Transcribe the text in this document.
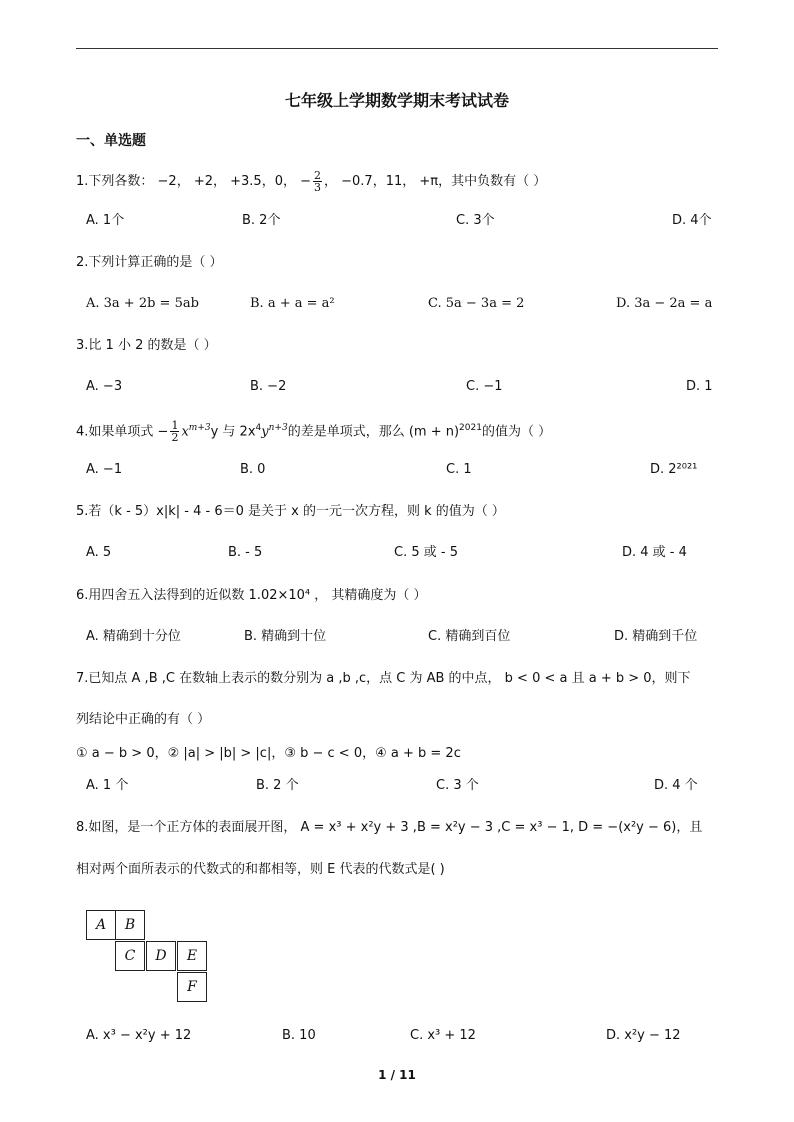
七年级上学期数学期末考试试卷
一、单选题
1.下列各数： −2， +2， +3.5，0， − $\frac{2}{3}$ ， −0.7，11， +π，其中负数有（ ）
A. 1个	B. 2个	C. 3个	D. 4个
2.下列计算正确的是（ ）
A. 3a + 2b = 5ab	B. a + a = a²	C. 5a − 3a = 2	D. 3a − 2a = a
3.比 1 小 2 的数是（ ）
A. −3	B. −2	C. −1	D. 1
4.如果单项式 − $\frac{1}{2} x^{m+3}y$ 与 $2x^4y^{n+3}$的差是单项式，那么 $(m + n)^{2021}$的值为（ ）
A. −1	B. 0	C. 1	D. 2²⁰²¹
5.若（k - 5）x|k| - 4 - 6＝0 是关于 x 的一元一次方程，则 k 的值为（ ）
A. 5	B. - 5	C. 5 或 - 5	D. 4 或 - 4
6.用四舍五入法得到的近似数 1.02×10⁴ ， 其精确度为（ ）
A. 精确到十分位	B. 精确到十位	C. 精确到百位	D. 精确到千位
7.已知点 A ,B ,C 在数轴上表示的数分别为 a ,b ,c，点 C 为 AB 的中点， b < 0 < a 且 a + b > 0，则下
列结论中正确的有（ ）
① a − b > 0，② |a| > |b| > |c|，③ b − c < 0，④ a + b = 2c
A. 1 个	B. 2 个	C. 3 个	D. 4 个
8.如图，是一个正方体的表面展开图， A = x³ + x²y + 3 ,B = x²y − 3 ,C = x³ − 1, D = −(x²y − 6)，且
相对两个面所表示的代数式的和都相等，则 E 代表的代数式是( )
A	B
C	D	E
F
A. x³ − x²y + 12	B. 10	C. x³ + 12	D. x²y − 12
1 / 11
